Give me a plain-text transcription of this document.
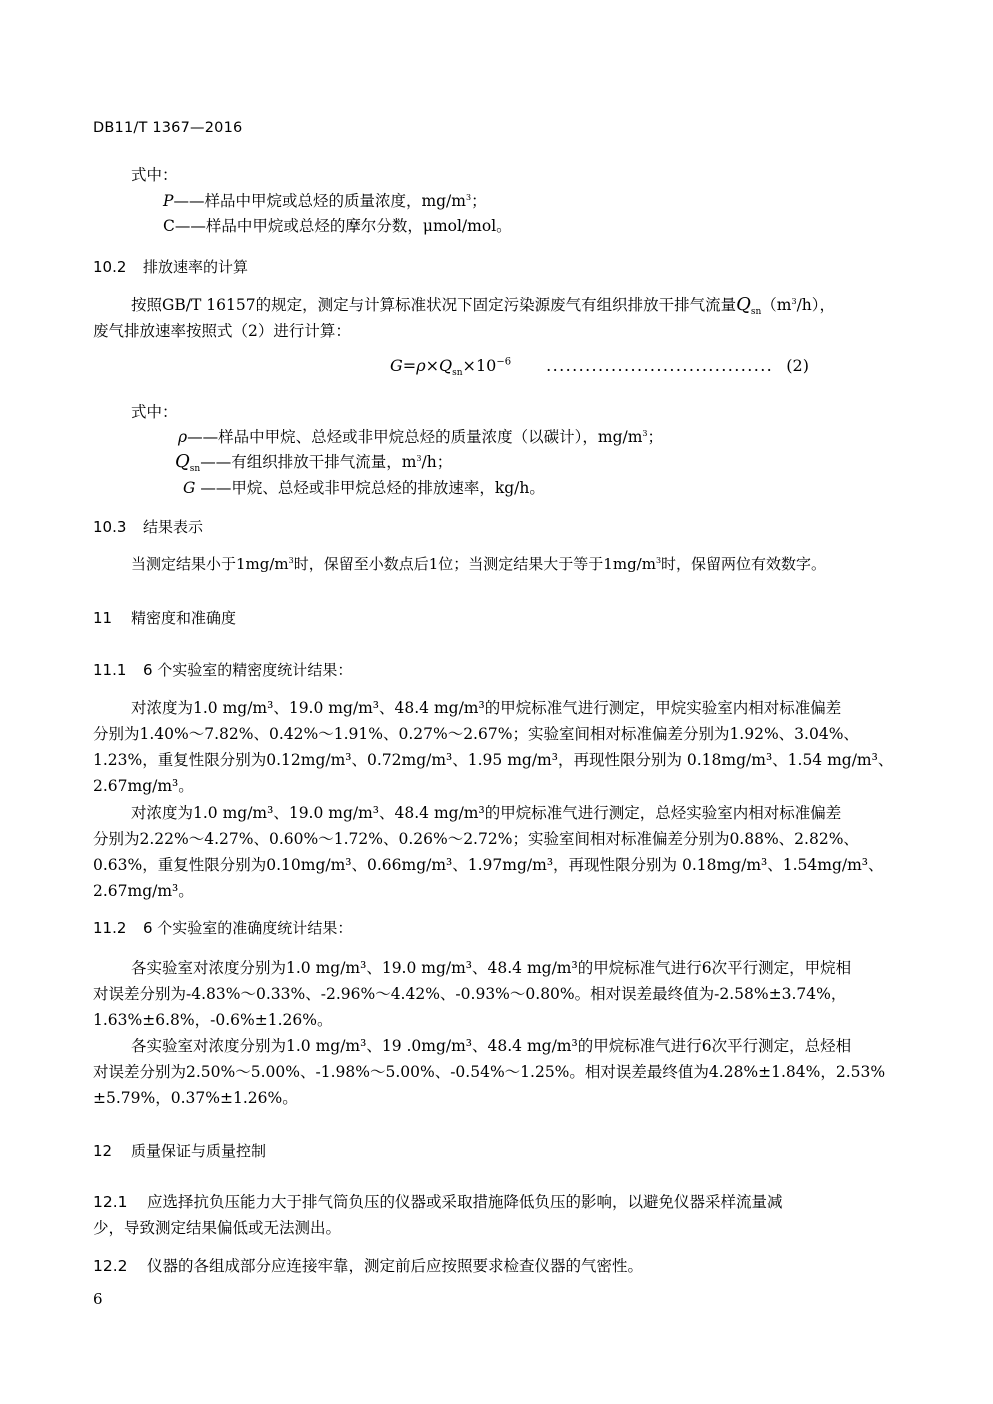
DB11/T 1367—2016
式中：
P——样品中甲烷或总烃的质量浓度，$mg/m^3$；
C——样品中甲烷或总烃的摩尔分数，μmol/mol。
10.2 排放速率的计算
按照GB/T 16157的规定，测定与计算标准状况下固定污染源废气有组织排放干排气流量$Q_{sn}(m^3/h)$，
废气排放速率按照式（2）进行计算：
$G=\rho\times Q_{sn}\times 10^{-6}$ ................................... (2)
式中：
ρ——样品中甲烷、总烃或非甲烷总烃的质量浓度（以碳计），$mg/m^3$；
$Q_{sn}——$有组织排放干排气流量，$m^3/h$；
G ——甲烷、总烃或非甲烷总烃的排放速率，kg/h。
10.3 结果表示
当测定结果小于$1mg/m^3$时，保留至小数点后1位；当测定结果大于等于$1mg/m^3$时，保留两位有效数字。
11 精密度和准确度
11.1 6 个实验室的精密度统计结果：
对浓度为1.0 mg/m³、19.0 mg/m³、48.4 mg/m³的甲烷标准气进行测定，甲烷实验室内相对标准偏差
分别为1.40%～7.82%、0.42%～1.91%、0.27%～2.67%；实验室间相对标准偏差分别为1.92%、3.04%、
1.23%，重复性限分别为0.12mg/m³、0.72mg/m³、1.95 mg/m³，再现性限分别为 0.18mg/m³、1.54 mg/m³、
2.67mg/m³。
对浓度为1.0 mg/m³、19.0 mg/m³、48.4 mg/m³的甲烷标准气进行测定，总烃实验室内相对标准偏差
分别为2.22%～4.27%、0.60%～1.72%、0.26%～2.72%；实验室间相对标准偏差分别为0.88%、2.82%、
0.63%，重复性限分别为0.10mg/m³、0.66mg/m³、1.97mg/m³，再现性限分别为 0.18mg/m³、1.54mg/m³、
2.67mg/m³。
11.2 6 个实验室的准确度统计结果：
各实验室对浓度分别为1.0 mg/m³、19.0 mg/m³、48.4 mg/m³的甲烷标准气进行6次平行测定，甲烷相
对误差分别为-4.83%～0.33%、-2.96%～4.42%、-0.93%～0.80%。相对误差最终值为-2.58%±3.74%，
1.63%±6.8%，-0.6%±1.26%。
各实验室对浓度分别为1.0 mg/m³、19 .0mg/m³、48.4 mg/m³的甲烷标准气进行6次平行测定，总烃相
对误差分别为2.50%～5.00%、-1.98%～5.00%、-0.54%～1.25%。相对误差最终值为4.28%±1.84%，2.53%
±5.79%，0.37%±1.26%。
12 质量保证与质量控制
12.1 应选择抗负压能力大于排气筒负压的仪器或采取措施降低负压的影响，以避免仪器采样流量减
少，导致测定结果偏低或无法测出。
12.2 仪器的各组成部分应连接牢靠，测定前后应按照要求检查仪器的气密性。
6
